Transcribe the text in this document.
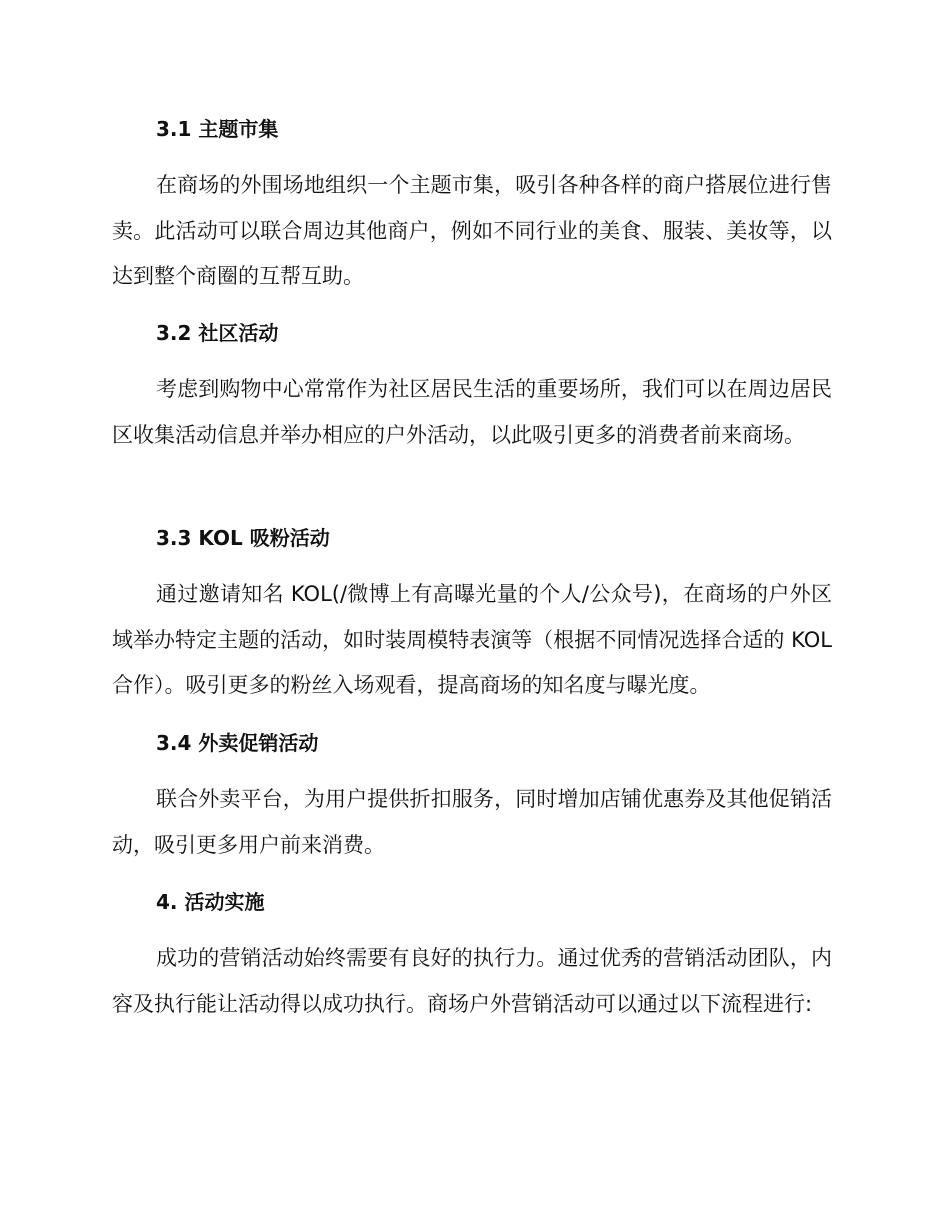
3.1 主题市集

在商场的外围场地组织一个主题市集，吸引各种各样的商户搭展位进行售卖。此活动可以联合周边其他商户，例如不同行业的美食、服装、美妆等，以达到整个商圈的互帮互助。

3.2 社区活动

考虑到购物中心常常作为社区居民生活的重要场所，我们可以在周边居民区收集活动信息并举办相应的户外活动，以此吸引更多的消费者前来商场。

3.3 KOL 吸粉活动

通过邀请知名 KOL(/微博上有高曝光量的个人/公众号)，在商场的户外区域举办特定主题的活动，如时装周模特表演等（根据不同情况选择合适的 KOL 合作）。吸引更多的粉丝入场观看，提高商场的知名度与曝光度。

3.4 外卖促销活动

联合外卖平台，为用户提供折扣服务，同时增加店铺优惠券及其他促销活动，吸引更多用户前来消费。

4. 活动实施

成功的营销活动始终需要有良好的执行力。通过优秀的营销活动团队，内容及执行能让活动得以成功执行。商场户外营销活动可以通过以下流程进行:
